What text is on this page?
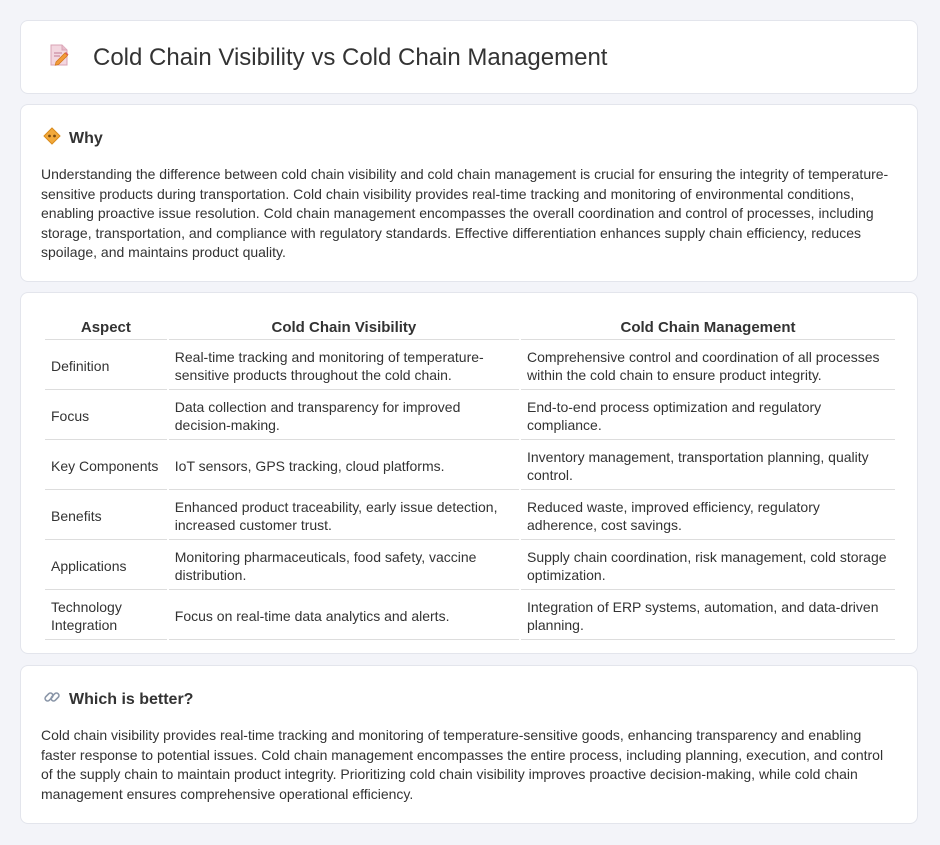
Cold Chain Visibility vs Cold Chain Management
Why

Understanding the difference between cold chain visibility and cold chain management is crucial for ensuring the integrity of temperature-sensitive products during transportation. Cold chain visibility provides real-time tracking and monitoring of environmental conditions, enabling proactive issue resolution. Cold chain management encompasses the overall coordination and control of processes, including storage, transportation, and compliance with regulatory standards. Effective differentiation enhances supply chain efficiency, reduces spoilage, and maintains product quality.

Aspect	Cold Chain Visibility	Cold Chain Management
Definition	Real-time tracking and monitoring of temperature-sensitive products throughout the cold chain.	Comprehensive control and coordination of all processes within the cold chain to ensure product integrity.
Focus	Data collection and transparency for improved decision-making.	End-to-end process optimization and regulatory compliance.
Key Components	IoT sensors, GPS tracking, cloud platforms.	Inventory management, transportation planning, quality control.
Benefits	Enhanced product traceability, early issue detection, increased customer trust.	Reduced waste, improved efficiency, regulatory adherence, cost savings.
Applications	Monitoring pharmaceuticals, food safety, vaccine distribution.	Supply chain coordination, risk management, cold storage optimization.
Technology Integration	Focus on real-time data analytics and alerts.	Integration of ERP systems, automation, and data-driven planning.
Which is better?

Cold chain visibility provides real-time tracking and monitoring of temperature-sensitive goods, enhancing transparency and enabling faster response to potential issues. Cold chain management encompasses the entire process, including planning, execution, and control of the supply chain to maintain product integrity. Prioritizing cold chain visibility improves proactive decision-making, while cold chain management ensures comprehensive operational efficiency.
